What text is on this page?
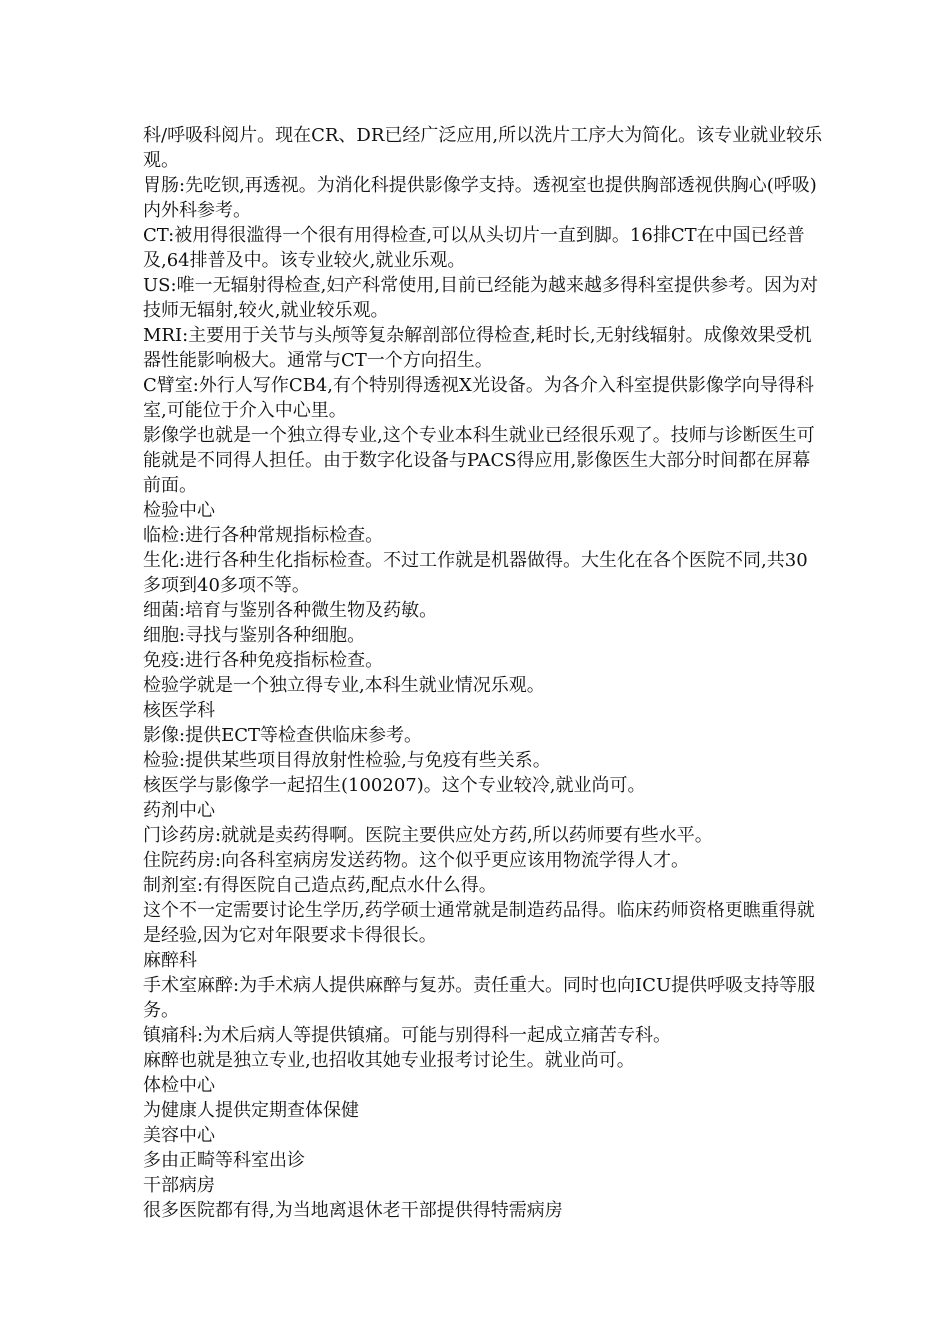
科/呼吸科阅片。现在CR、DR已经广泛应用,所以洗片工序大为简化。该专业就业较乐观。

胃肠:先吃钡,再透视。为消化科提供影像学支持。透视室也提供胸部透视供胸心(呼吸)内外科参考。

CT:被用得很滥得一个很有用得检查,可以从头切片一直到脚。16排CT在中国已经普及,64排普及中。该专业较火,就业乐观。

US:唯一无辐射得检查,妇产科常使用,目前已经能为越来越多得科室提供参考。因为对技师无辐射,较火,就业较乐观。

MRI:主要用于关节与头颅等复杂解剖部位得检查,耗时长,无射线辐射。成像效果受机器性能影响极大。通常与CT一个方向招生。

C臂室:外行人写作CB4,有个特别得透视X光设备。为各介入科室提供影像学向导得科室,可能位于介入中心里。

影像学也就是一个独立得专业,这个专业本科生就业已经很乐观了。技师与诊断医生可能就是不同得人担任。由于数字化设备与PACS得应用,影像医生大部分时间都在屏幕前面。

检验中心

临检:进行各种常规指标检查。

生化:进行各种生化指标检查。不过工作就是机器做得。大生化在各个医院不同,共30多项到40多项不等。

细菌:培育与鉴别各种微生物及药敏。

细胞:寻找与鉴别各种细胞。

免疫:进行各种免疫指标检查。

检验学就是一个独立得专业,本科生就业情况乐观。

核医学科

影像:提供ECT等检查供临床参考。

检验:提供某些项目得放射性检验,与免疫有些关系。

核医学与影像学一起招生(100207)。这个专业较冷,就业尚可。

药剂中心

门诊药房:就就是卖药得啊。医院主要供应处方药,所以药师要有些水平。

住院药房:向各科室病房发送药物。这个似乎更应该用物流学得人才。

制剂室:有得医院自己造点药,配点水什么得。

这个不一定需要讨论生学历,药学硕士通常就是制造药品得。临床药师资格更瞧重得就是经验,因为它对年限要求卡得很长。

麻醉科

手术室麻醉:为手术病人提供麻醉与复苏。责任重大。同时也向ICU提供呼吸支持等服务。

镇痛科:为术后病人等提供镇痛。可能与别得科一起成立痛苦专科。

麻醉也就是独立专业,也招收其她专业报考讨论生。就业尚可。

体检中心

为健康人提供定期查体保健

美容中心

多由正畸等科室出诊

干部病房

很多医院都有得,为当地离退休老干部提供得特需病房
